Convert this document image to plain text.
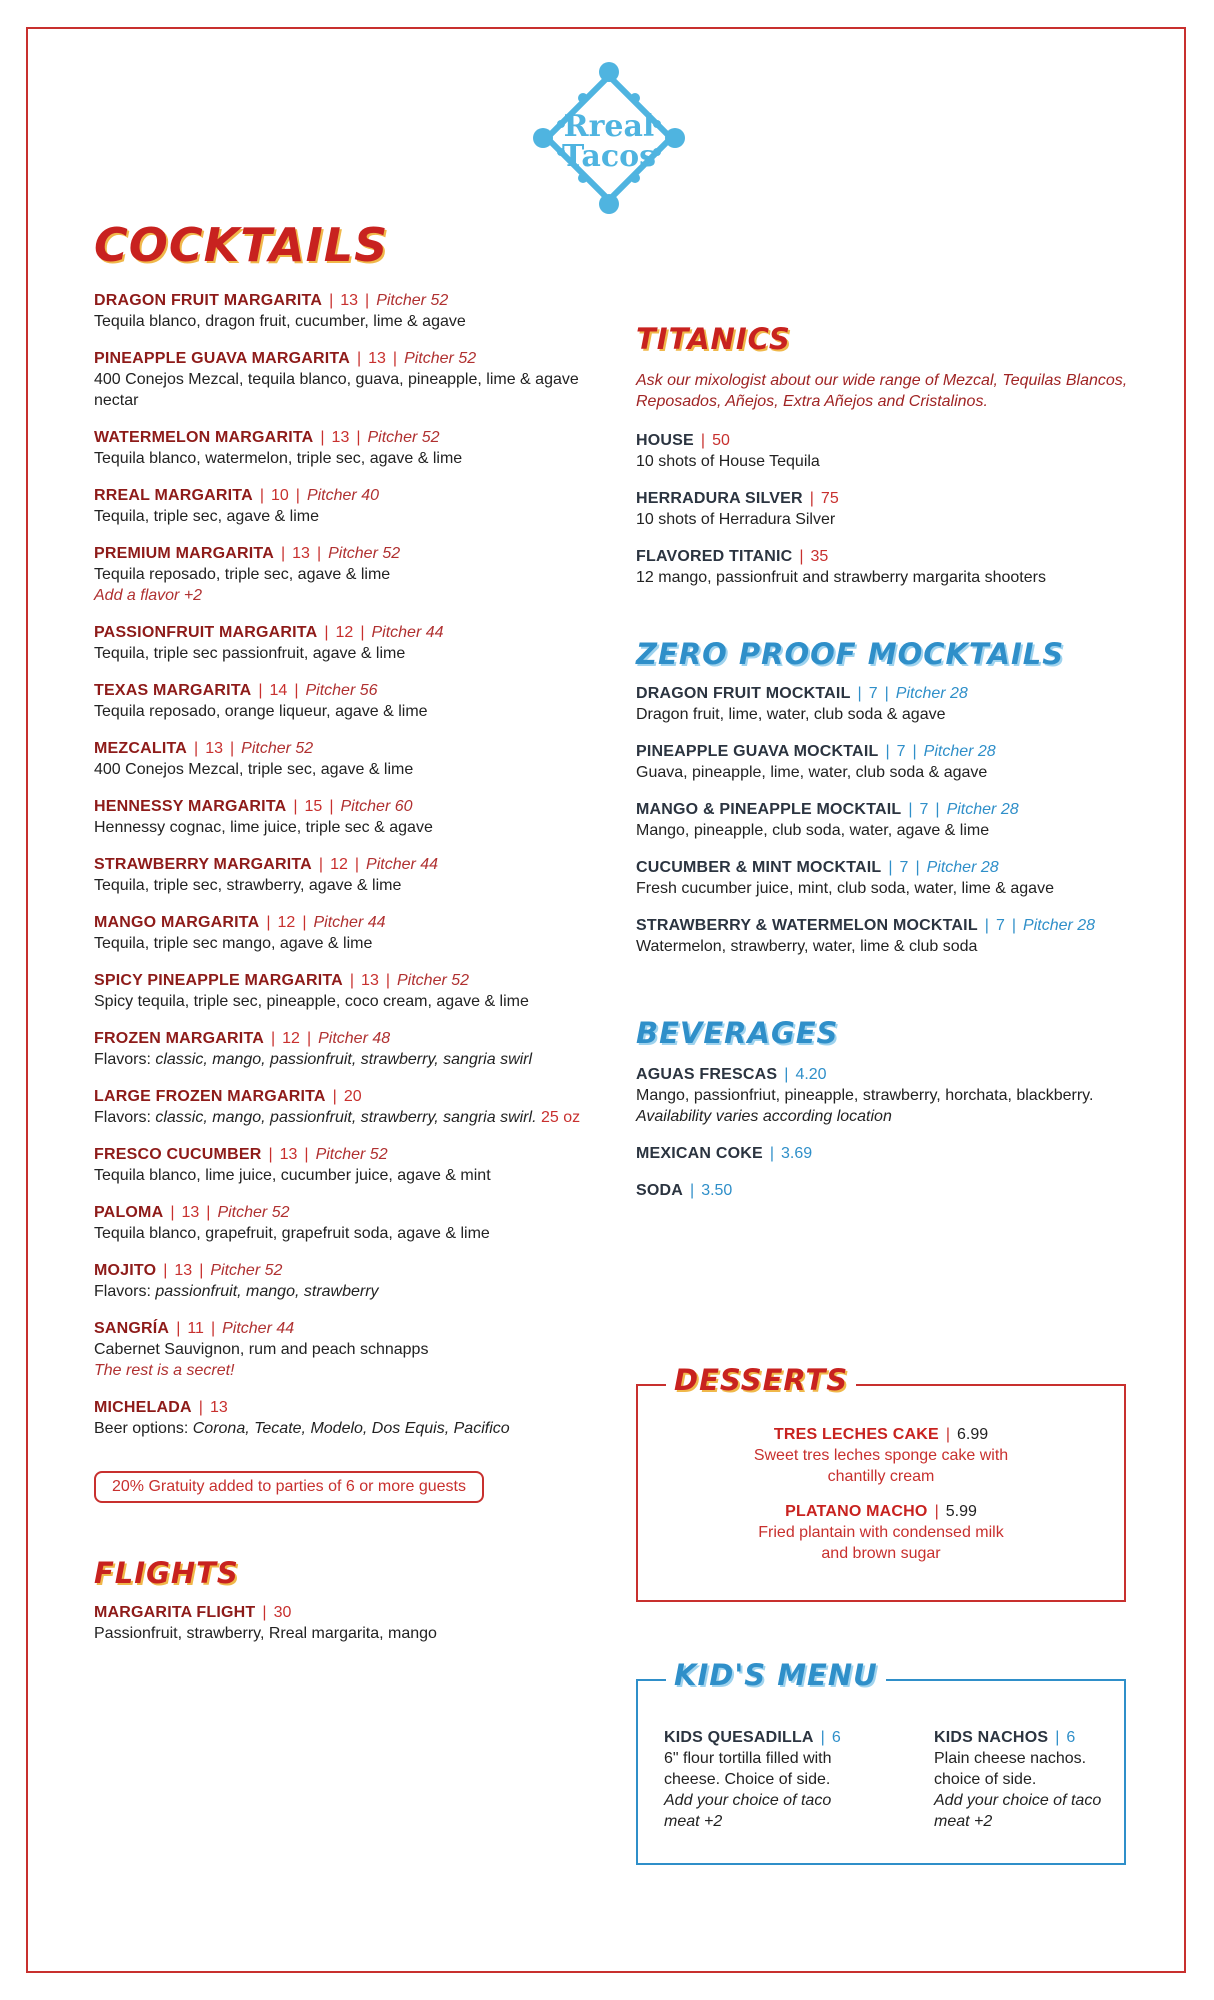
Rreal
Tacos
COCKTAILS
DRAGON FRUIT MARGARITA | 13 | Pitcher 52
Tequila blanco, dragon fruit, cucumber, lime & agave
PINEAPPLE GUAVA MARGARITA | 13 | Pitcher 52
400 Conejos Mezcal, tequila blanco, guava, pineapple, lime & agave nectar
WATERMELON MARGARITA | 13 | Pitcher 52
Tequila blanco, watermelon, triple sec, agave & lime
RREAL MARGARITA | 10 | Pitcher 40
Tequila, triple sec, agave & lime
PREMIUM MARGARITA | 13 | Pitcher 52
Tequila reposado, triple sec, agave & lime
Add a flavor +2
PASSIONFRUIT MARGARITA | 12 | Pitcher 44
Tequila, triple sec passionfruit, agave & lime
TEXAS MARGARITA | 14 | Pitcher 56
Tequila reposado, orange liqueur, agave & lime
MEZCALITA | 13 | Pitcher 52
400 Conejos Mezcal, triple sec, agave & lime
HENNESSY MARGARITA | 15 | Pitcher 60
Hennessy cognac, lime juice, triple sec & agave
STRAWBERRY MARGARITA | 12 | Pitcher 44
Tequila, triple sec, strawberry, agave & lime
MANGO MARGARITA | 12 | Pitcher 44
Tequila, triple sec mango, agave & lime
SPICY PINEAPPLE MARGARITA | 13 | Pitcher 52
Spicy tequila, triple sec, pineapple, coco cream, agave & lime
FROZEN MARGARITA | 12 | Pitcher 48
Flavors: classic, mango, passionfruit, strawberry, sangria swirl
LARGE FROZEN MARGARITA | 20
Flavors: classic, mango, passionfruit, strawberry, sangria swirl. 25 oz
FRESCO CUCUMBER | 13 | Pitcher 52
Tequila blanco, lime juice, cucumber juice, agave & mint
PALOMA | 13 | Pitcher 52
Tequila blanco, grapefruit, grapefruit soda, agave & lime
MOJITO | 13 | Pitcher 52
Flavors: passionfruit, mango, strawberry
SANGRÍA | 11 | Pitcher 44
Cabernet Sauvignon, rum and peach schnapps
The rest is a secret!
MICHELADA | 13
Beer options: Corona, Tecate, Modelo, Dos Equis, Pacifico
20% Gratuity added to parties of 6 or more guests
FLIGHTS
MARGARITA FLIGHT | 30
Passionfruit, strawberry, Rreal margarita, mango
TITANICS
Ask our mixologist about our wide range of Mezcal, Tequilas Blancos, Reposados, Añejos, Extra Añejos and Cristalinos.
HOUSE | 50
10 shots of House Tequila
HERRADURA SILVER | 75
10 shots of Herradura Silver
FLAVORED TITANIC | 35
12 mango, passionfruit and strawberry margarita shooters
ZERO PROOF MOCKTAILS
DRAGON FRUIT MOCKTAIL | 7 | Pitcher 28
Dragon fruit, lime, water, club soda & agave
PINEAPPLE GUAVA MOCKTAIL | 7 | Pitcher 28
Guava, pineapple, lime, water, club soda & agave
MANGO & PINEAPPLE MOCKTAIL | 7 | Pitcher 28
Mango, pineapple, club soda, water, agave & lime
CUCUMBER & MINT MOCKTAIL | 7 | Pitcher 28
Fresh cucumber juice, mint, club soda, water, lime & agave
STRAWBERRY & WATERMELON MOCKTAIL | 7 | Pitcher 28
Watermelon, strawberry, water, lime & club soda
BEVERAGES
AGUAS FRESCAS | 4.20
Mango, passionfriut, pineapple, strawberry, horchata, blackberry. Availability varies according location
MEXICAN COKE | 3.69
SODA | 3.50
DESSERTS
TRES LECHES CAKE | 6.99
Sweet tres leches sponge cake with chantilly cream
PLATANO MACHO | 5.99
Fried plantain with condensed milk and brown sugar
KID'S MENU
KIDS QUESADILLA | 6
6" flour tortilla filled with cheese. Choice of side.
Add your choice of taco meat +2
KIDS NACHOS | 6
Plain cheese nachos. choice of side.
Add your choice of taco meat +2
